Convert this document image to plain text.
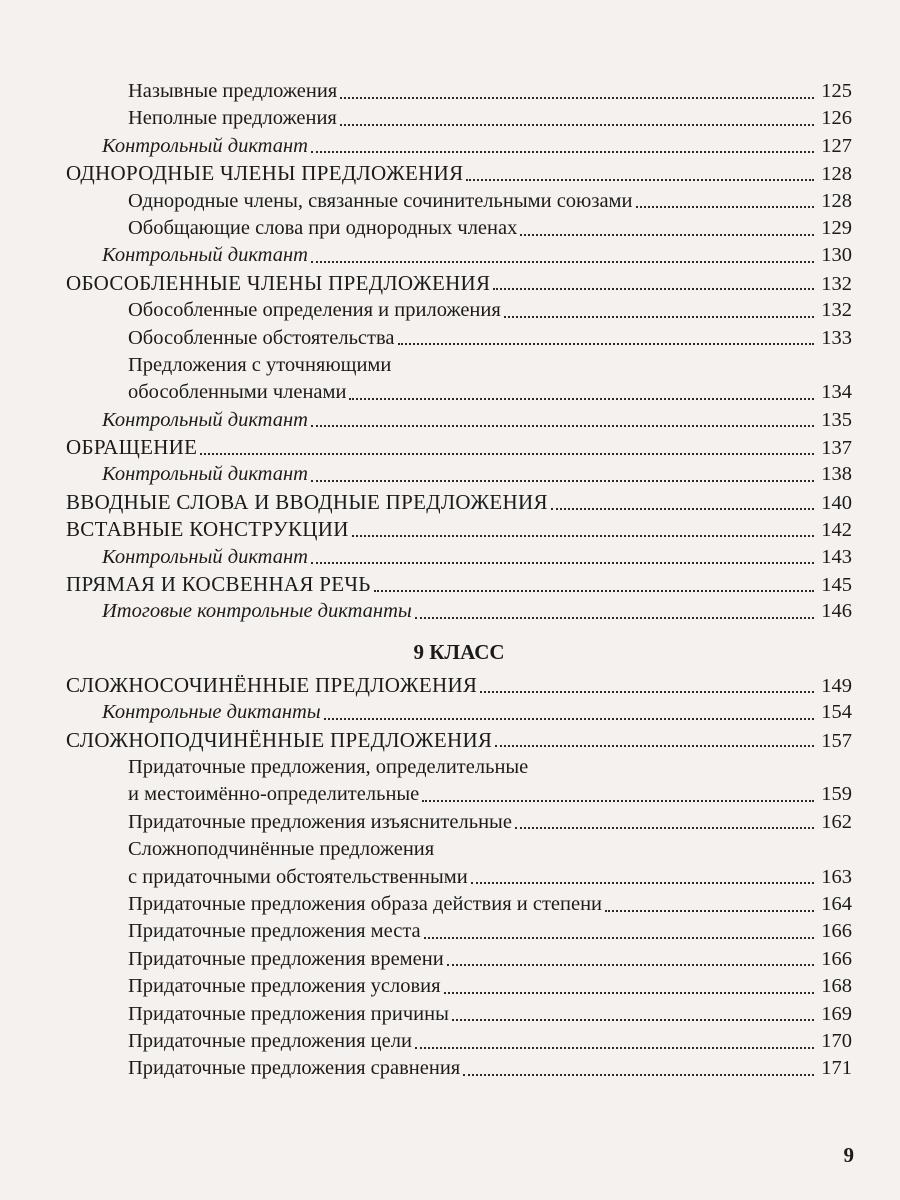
Назывные предложения	125
Неполные предложения	126
Контрольный диктант	127
ОДНОРОДНЫЕ ЧЛЕНЫ ПРЕДЛОЖЕНИЯ	128
Однородные члены, связанные сочинительными союзами	128
Обобщающие слова при однородных членах	129
Контрольный диктант	130
ОБОСОБЛЕННЫЕ ЧЛЕНЫ ПРЕДЛОЖЕНИЯ	132
Обособленные определения и приложения	132
Обособленные обстоятельства	133
Предложения с уточняющими
обособленными членами	134
Контрольный диктант	135
ОБРАЩЕНИЕ	137
Контрольный диктант	138
ВВОДНЫЕ СЛОВА И ВВОДНЫЕ ПРЕДЛОЖЕНИЯ	140
ВСТАВНЫЕ КОНСТРУКЦИИ	142
Контрольный диктант	143
ПРЯМАЯ И КОСВЕННАЯ РЕЧЬ	145
Итоговые контрольные диктанты	146
9 КЛАСС
СЛОЖНОСОЧИНЁННЫЕ ПРЕДЛОЖЕНИЯ	149
Контрольные диктанты	154
СЛОЖНОПОДЧИНЁННЫЕ ПРЕДЛОЖЕНИЯ	157
Придаточные предложения, определительные
и местоимённо-определительные	159
Придаточные предложения изъяснительные	162
Сложноподчинённые предложения
с придаточными обстоятельственными	163
Придаточные предложения образа действия и степени	164
Придаточные предложения места	166
Придаточные предложения времени	166
Придаточные предложения условия	168
Придаточные предложения причины	169
Придаточные предложения цели	170
Придаточные предложения сравнения	171
9
